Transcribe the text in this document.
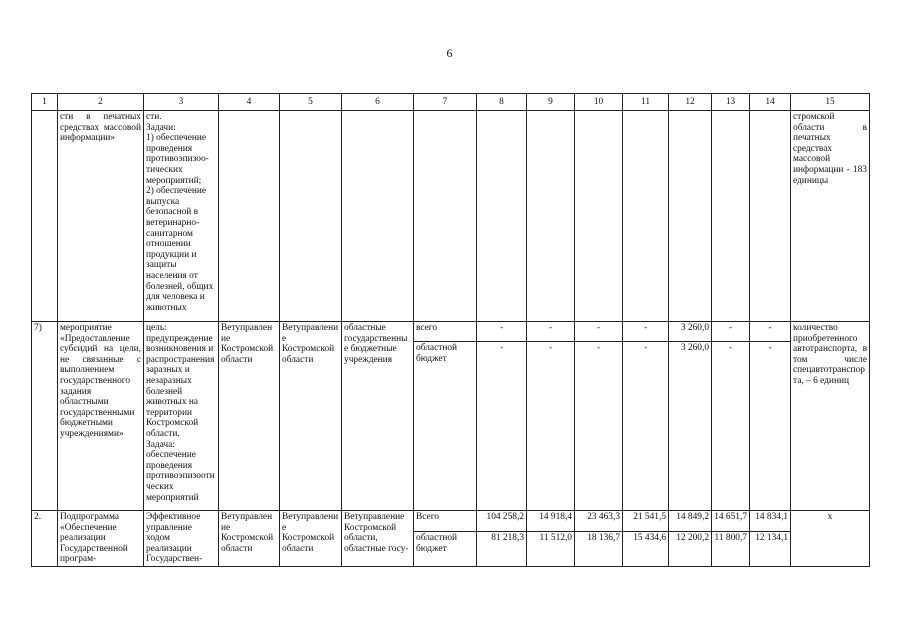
6
1	2	3	4	5	6	7	8	9	10	11	12	13	14	15
	сти в печатных средствах массовой информации»	сти.
Задачи:
1) обеспечение проведения противоэпизоо-тических мероприятий;
2) обеспечение выпуска безопасной в ветеринарно-санитарном отношении продукции и защиты населения от болезней, общих для человека и животных												стромской области в печатных средствах массовой информации - 183 единицы
7)	мероприятие «Предоставление субсидий на цели, не связанные с выполнением государственного задания областными государственными бюджетными учреждениями»	цель: предупреждение возникновения и распространения заразных и незаразных болезней животных на территории Костромской области.
Задача:
обеспечение проведения противоэпизоотических мероприятий	Ветуправление Костромской области	Ветуправление Костромской области	областные государственные бюджетные учреждения	всего	-	-	-	-	3 260,0	-	-	количество приобретенного автотранспорта, в том числе спецавтотранспорта, – 6 единиц
						областной бюджет	-	-	-	-	3 260,0	-	-	
2.	Подпрограмма «Обеспечение реализации Государственной програм-	Эффективное управление ходом реализации Государствен-	Ветуправление Костромской области	Ветуправление Костромской области	Ветуправление Костромской области, областные госу-	Всего	104 258,2	14 918,4	23 463,3	21 541,5	14 849,2	14 651,7	14 834,1	х
						областной бюджет	81 218,3	11 512,0	18 136,7	15 434,6	12 200,2	11 800,7	12 134,1	
